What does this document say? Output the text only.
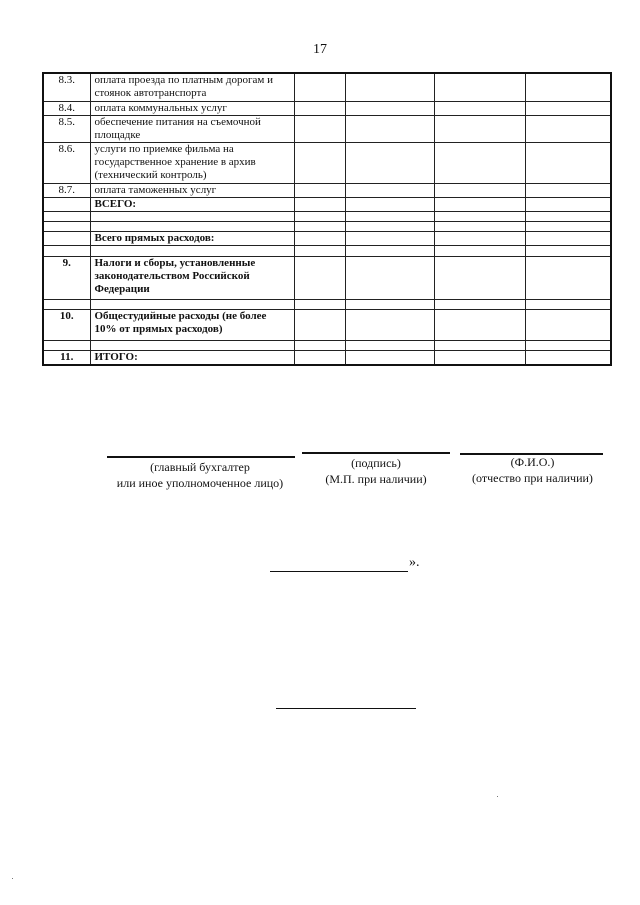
17
8.3.	оплата проезда по платным дорогам и стоянок автотранспорта				
8.4.	оплата коммунальных услуг				
8.5.	обеспечение питания на съемочной площадке				
8.6.	услуги по приемке фильма на государственное хранение в архив (технический контроль)				
8.7.	оплата таможенных услуг				
	ВСЕГО:				

	Всего прямых расходов:				

9.	Налоги и сборы, установленные законодательством Российской Федерации				

10.	Общестудийные расходы (не более 10% от прямых расходов)				

11.	ИТОГО:				
(главный бухгалтер
или иное уполномоченное лицо)
(подпись)
(М.П. при наличии)
(Ф.И.О.)
(отчество при наличии)
».
